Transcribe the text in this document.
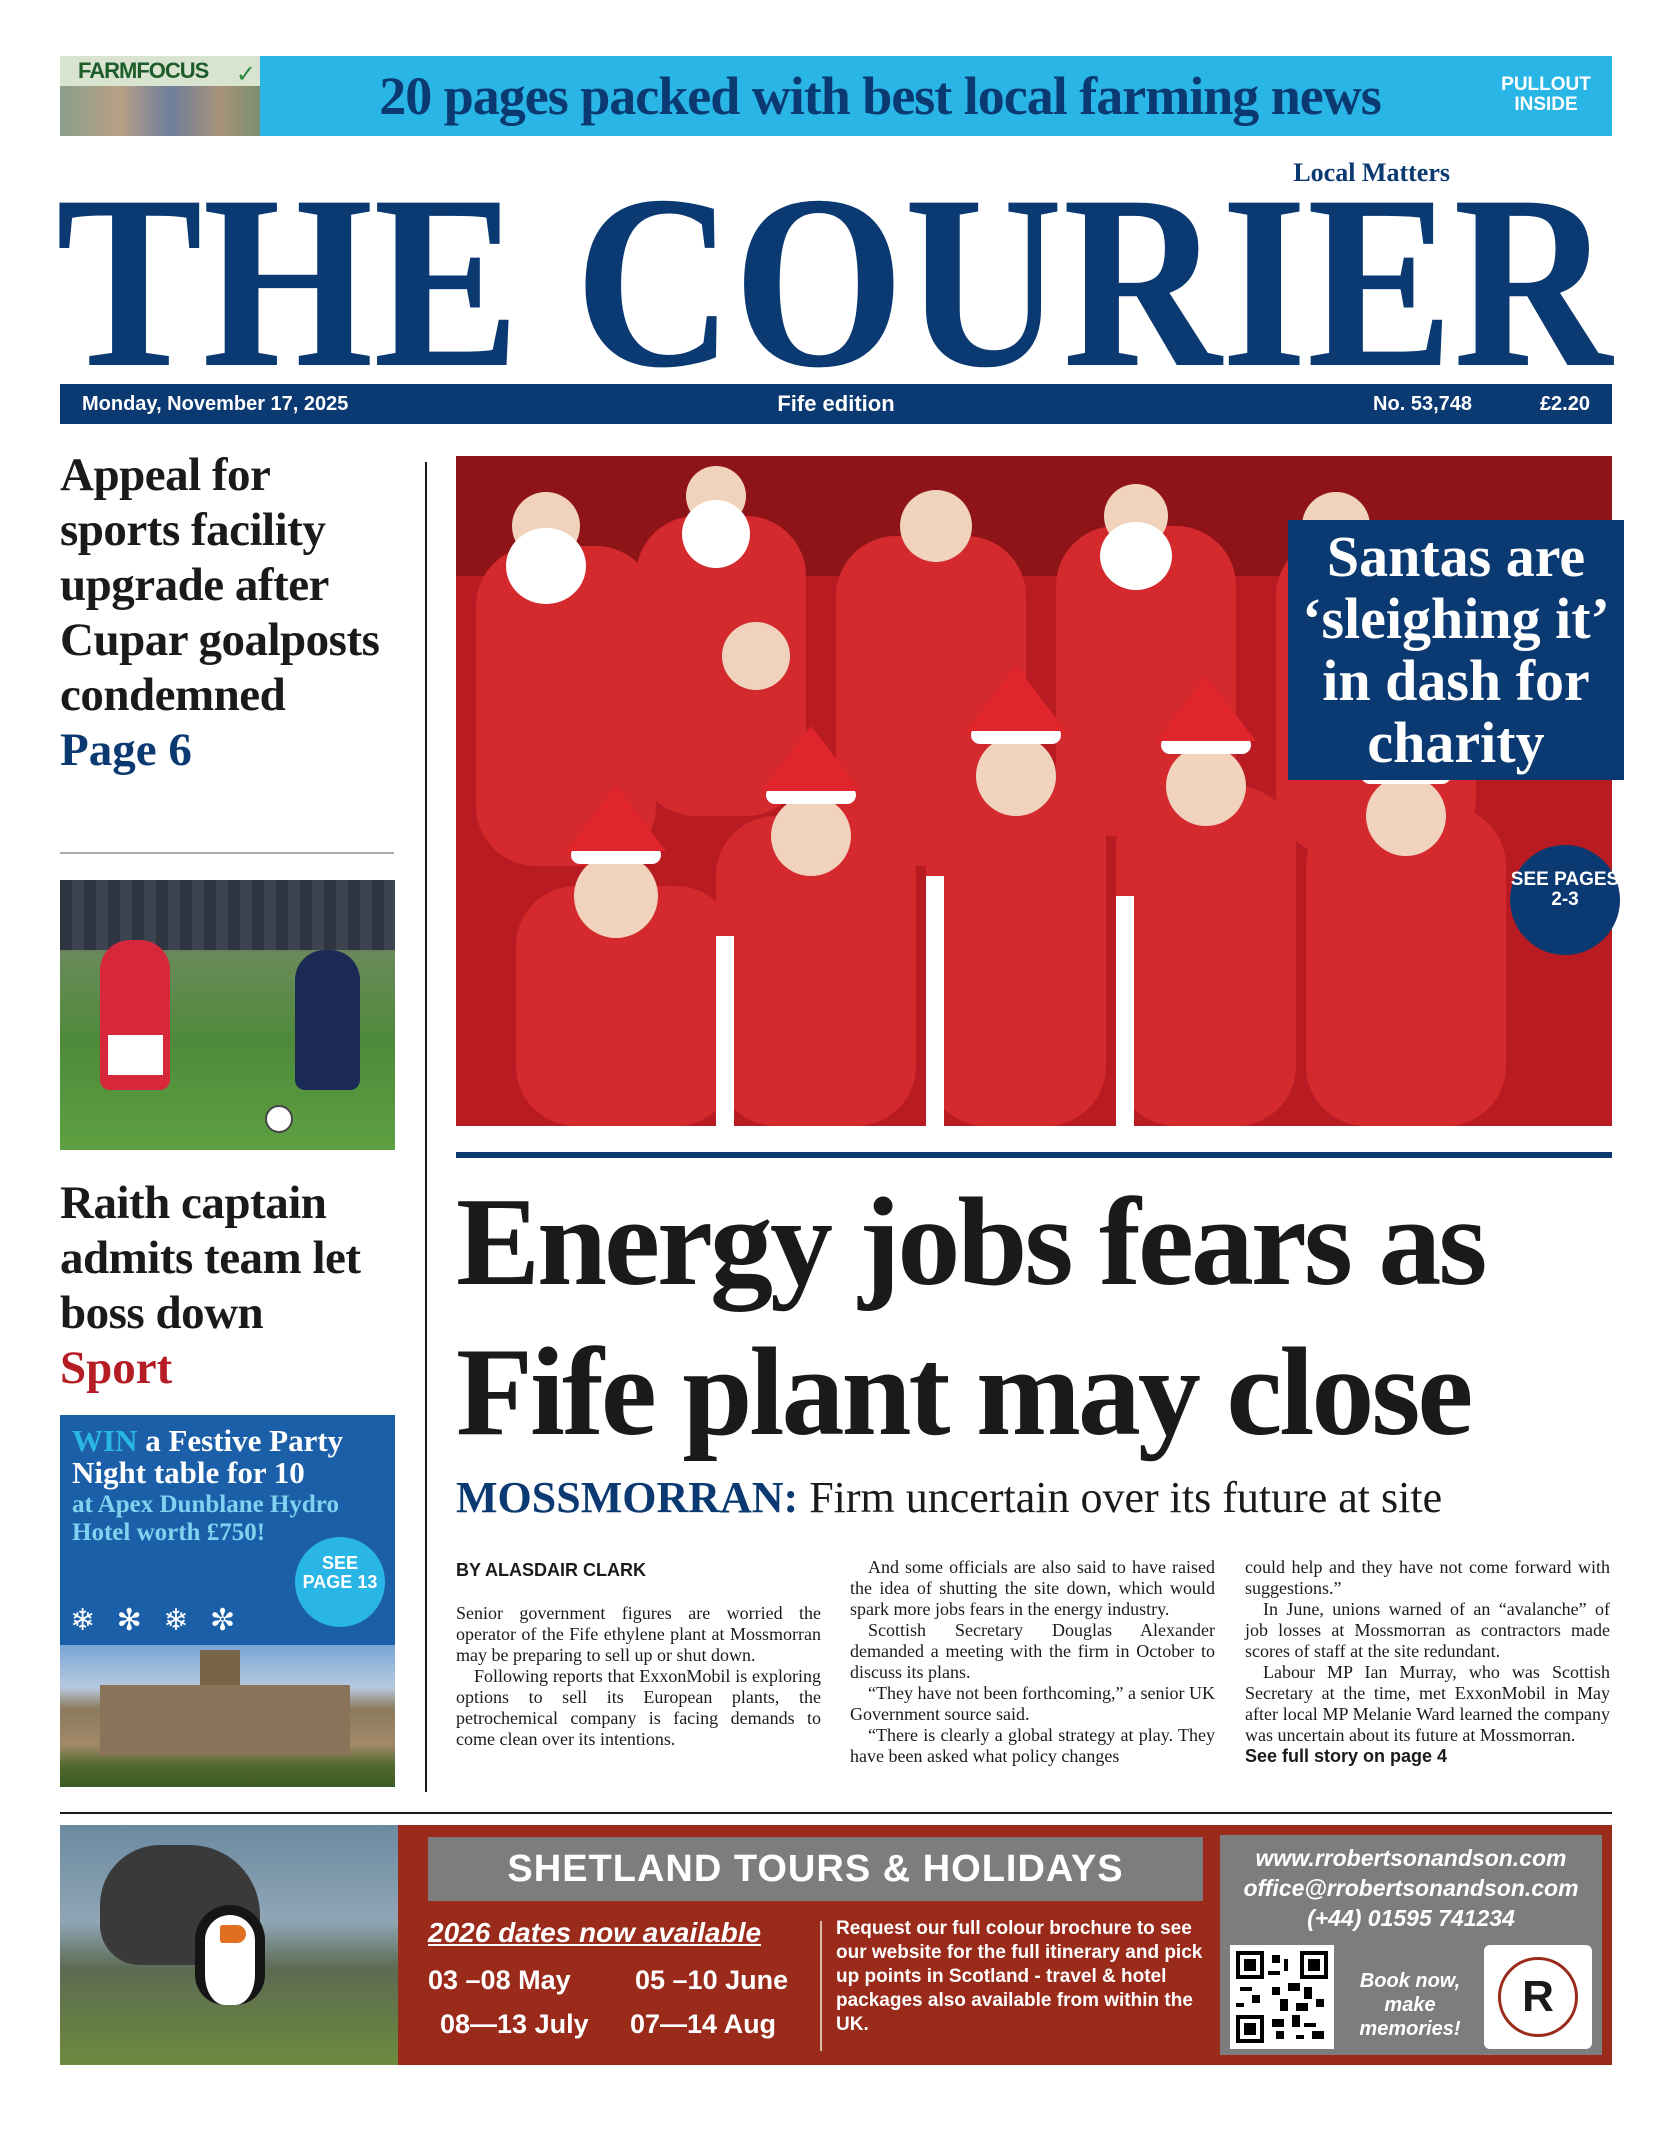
FARMFOCUS ✓	20 pages packed with best local farming news	PULLOUT INSIDE
Local Matters
THE COURIER
Fife edition
Monday, November 17, 2025	No. 53,748	£2.20
Appeal for sports facility upgrade after Cupar goalposts condemned
Page 6
Raith captain admits team let boss down
Sport
WIN a Festive Party Night table for 10
at Apex Dunblane Hydro Hotel worth £750!
❄ ✻ ❄ ✼
SEE PAGE 13
Santas are ‘sleighing it’ in dash for charity
SEE PAGES 2-3
Energy jobs fears as
Fife plant may close
MOSSMORRAN: Firm uncertain over its future at site
BY ALASDAIR CLARK

Senior government figures are worried the operator of the Fife ethylene plant at Mossmorran may be preparing to sell up or shut down.

Following reports that ExxonMobil is exploring options to sell its European plants, the petrochemical company is facing demands to come clean over its intentions.

And some officials are also said to have raised the idea of shutting the site down, which would spark more jobs fears in the energy industry.

Scottish Secretary Douglas Alexander demanded a meeting with the firm in October to discuss its plans.

“They have not been forthcoming,” a senior UK Government source said.

“There is clearly a global strategy at play. They have been asked what policy changes

could help and they have not come forward with suggestions.”

In June, unions warned of an “avalanche” of job losses at Mossmorran as contractors made scores of staff at the site redundant.

Labour MP Ian Murray, who was Scottish Secretary at the time, met ExxonMobil in May after local MP Melanie Ward learned the company was uncertain about its future at Mossmorran.

See full story on page 4
SHETLAND TOURS & HOLIDAYS
2026 dates now available
03 –08 May 05 –10 June
08—13 July 07—14 Aug
Request our full colour brochure to see our website for the full itinerary and pick up points in Scotland - travel & hotel packages also available from within the UK.
www.rrobertsonandson.com
office@rrobertsonandson.com
(+44) 01595 741234
Book now,
make
memories!
R
